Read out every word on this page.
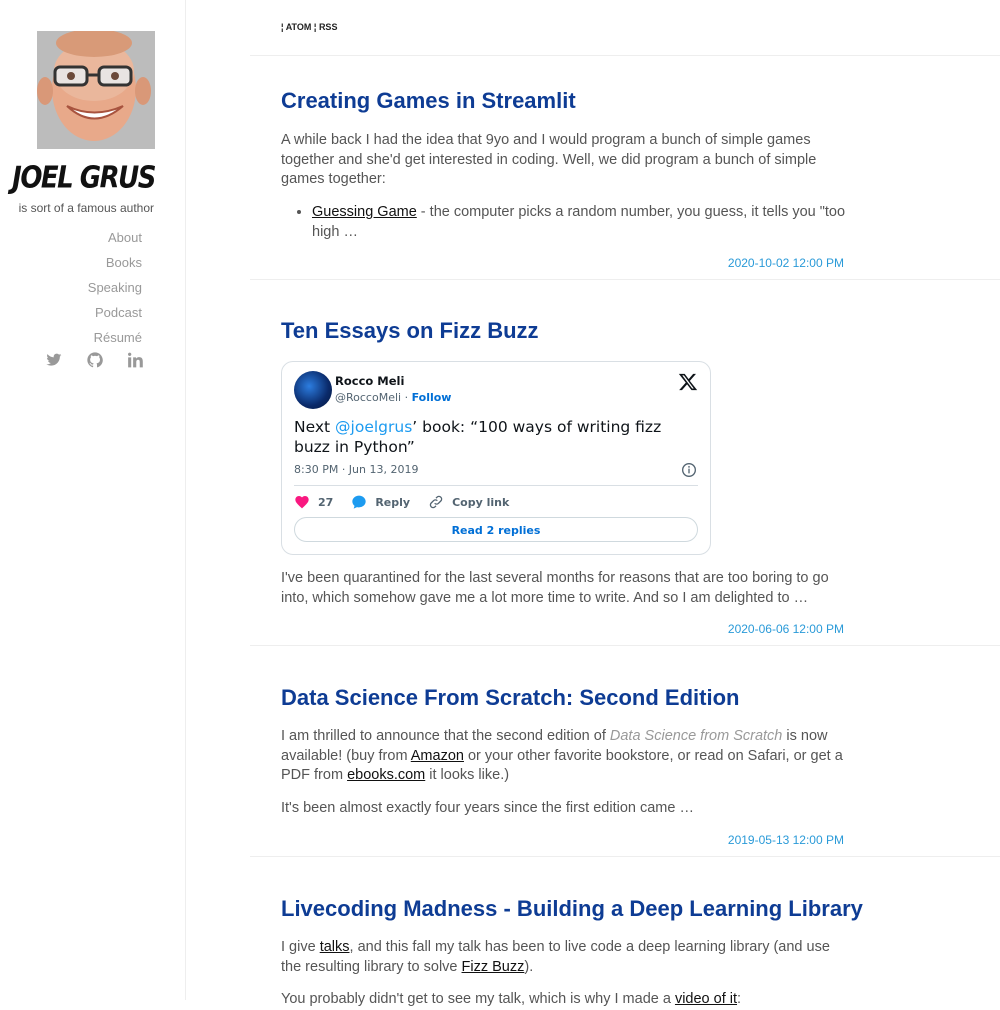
JOEL GRUS
is sort of a famous author
About
Books
Speaking
Podcast
Résumé
¦ ATOM ¦ RSS
Creating Games in Streamlit

A while back I had the idea that 9yo and I would program a bunch of simple games together and she'd get interested in coding. Well, we did program a bunch of simple games together:

• Guessing Game - the computer picks a random number, you guess, it tells you "too high …
2020-10-02 12:00 PM
Ten Essays on Fizz Buzz
Rocco Meli
@RoccoMeli · Follow
Next @joelgrus’ book: “100 ways of writing fizz buzz in Python”
8:30 PM · Jun 13, 2019
27	Reply	Copy link
Read 2 replies

I've been quarantined for the last several months for reasons that are too boring to go into, which somehow gave me a lot more time to write. And so I am delighted to …

2020-06-06 12:00 PM
Data Science From Scratch: Second Edition

I am thrilled to announce that the second edition of Data Science from Scratch is now available! (buy from Amazon or your other favorite bookstore, or read on Safari, or get a PDF from ebooks.com it looks like.)

It's been almost exactly four years since the first edition came …

2019-05-13 12:00 PM
Livecoding Madness - Building a Deep Learning Library

I give talks, and this fall my talk has been to live code a deep learning library (and use the resulting library to solve Fizz Buzz).

You probably didn't get to see my talk, which is why I made a video of it:
